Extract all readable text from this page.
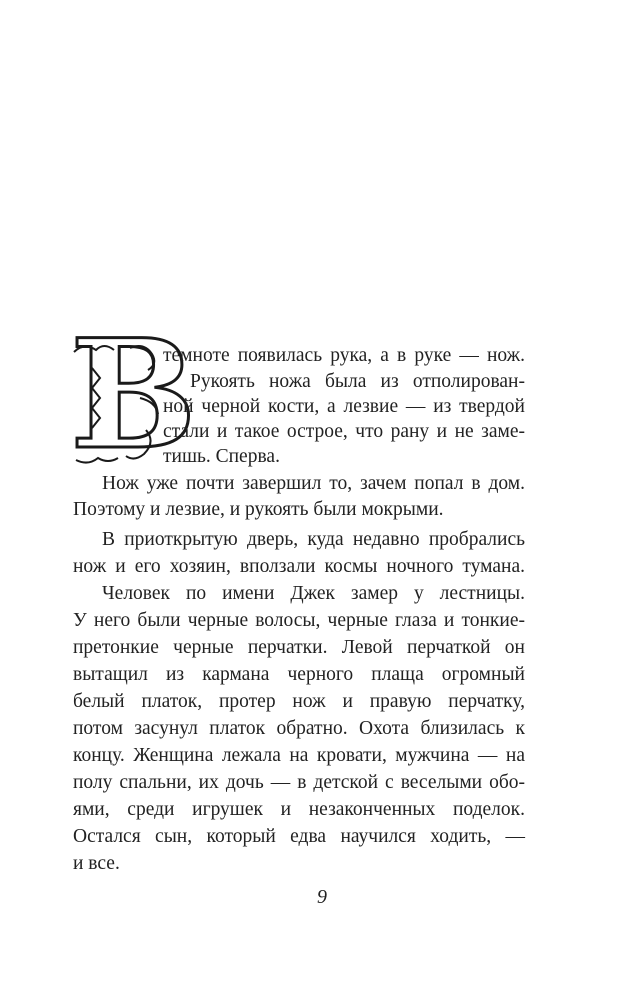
В
темноте появилась рука, а в руке — нож.
Рукоять ножа была из отполирован-
ной черной кости, а лезвие — из твердой
стали и такое острое, что рану и не заме-
тишь. Сперва.
Нож уже почти завершил то, зачем попал в дом.
Поэтому и лезвие, и рукоять были мокрыми.
В приоткрытую дверь, куда недавно пробрались
нож и его хозяин, вползали космы ночного тумана.
Человек по имени Джек замер у лестницы.
У него были черные волосы, черные глаза и тонкие-
претонкие черные перчатки. Левой перчаткой он
вытащил из кармана черного плаща огромный
белый платок, протер нож и правую перчатку,
потом засунул платок обратно. Охота близилась к
концу. Женщина лежала на кровати, мужчина — на
полу спальни, их дочь — в детской с веселыми обо-
ями, среди игрушек и незаконченных поделок.
Остался сын, который едва научился ходить, —
и все.
9
